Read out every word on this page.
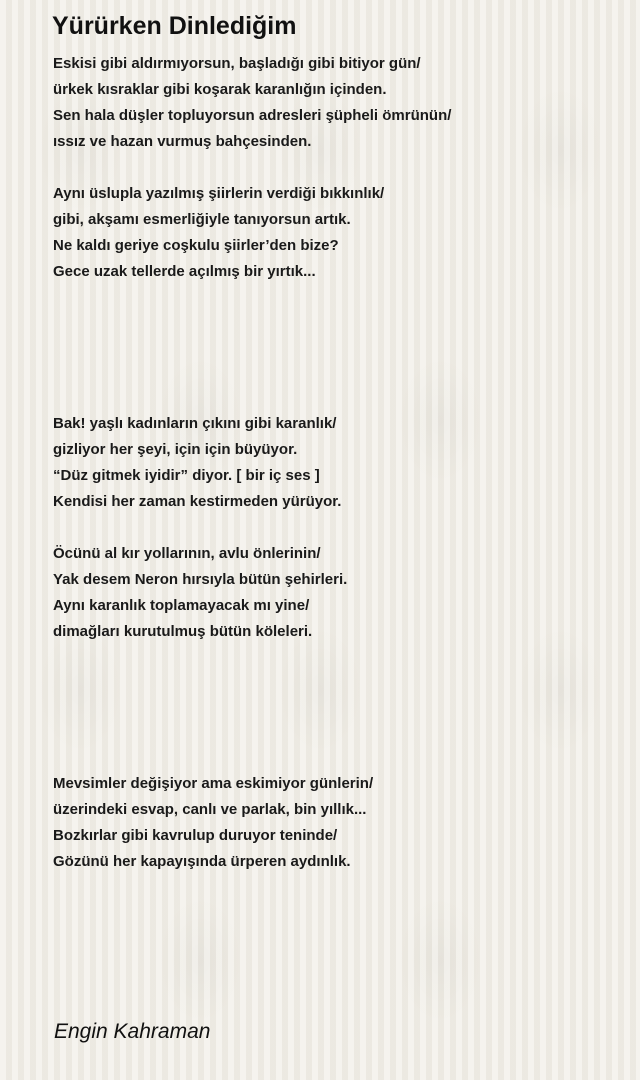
Yürürken Dinlediğim
Eskisi gibi aldırmıyorsun, başladığı gibi bitiyor gün/
ürkek kısraklar gibi koşarak karanlığın içinden.
Sen hala düşler topluyorsun adresleri şüpheli ömrünün/
ıssız ve hazan vurmuş bahçesinden.
Aynı üslupla yazılmış şiirlerin verdiği bıkkınlık/
gibi, akşamı esmerliğiyle tanıyorsun artık.
Ne kaldı geriye coşkulu şiirler’den bize?
Gece uzak tellerde açılmış bir yırtık...
Bak! yaşlı kadınların çıkını gibi karanlık/
gizliyor her şeyi, için için büyüyor.
“Düz gitmek iyidir” diyor. [ bir iç ses ]
Kendisi her zaman kestirmeden yürüyor.
Öcünü al kır yollarının, avlu önlerinin/
Yak desem Neron hırsıyla bütün şehirleri.
Aynı karanlık toplamayacak mı yine/
dimağları kurutulmuş bütün köleleri.
Mevsimler değişiyor ama eskimiyor günlerin/
üzerindeki esvap, canlı ve parlak, bin yıllık...
Bozkırlar gibi kavrulup duruyor teninde/
Gözünü her kapayışında ürperen aydınlık.

Engin Kahraman
